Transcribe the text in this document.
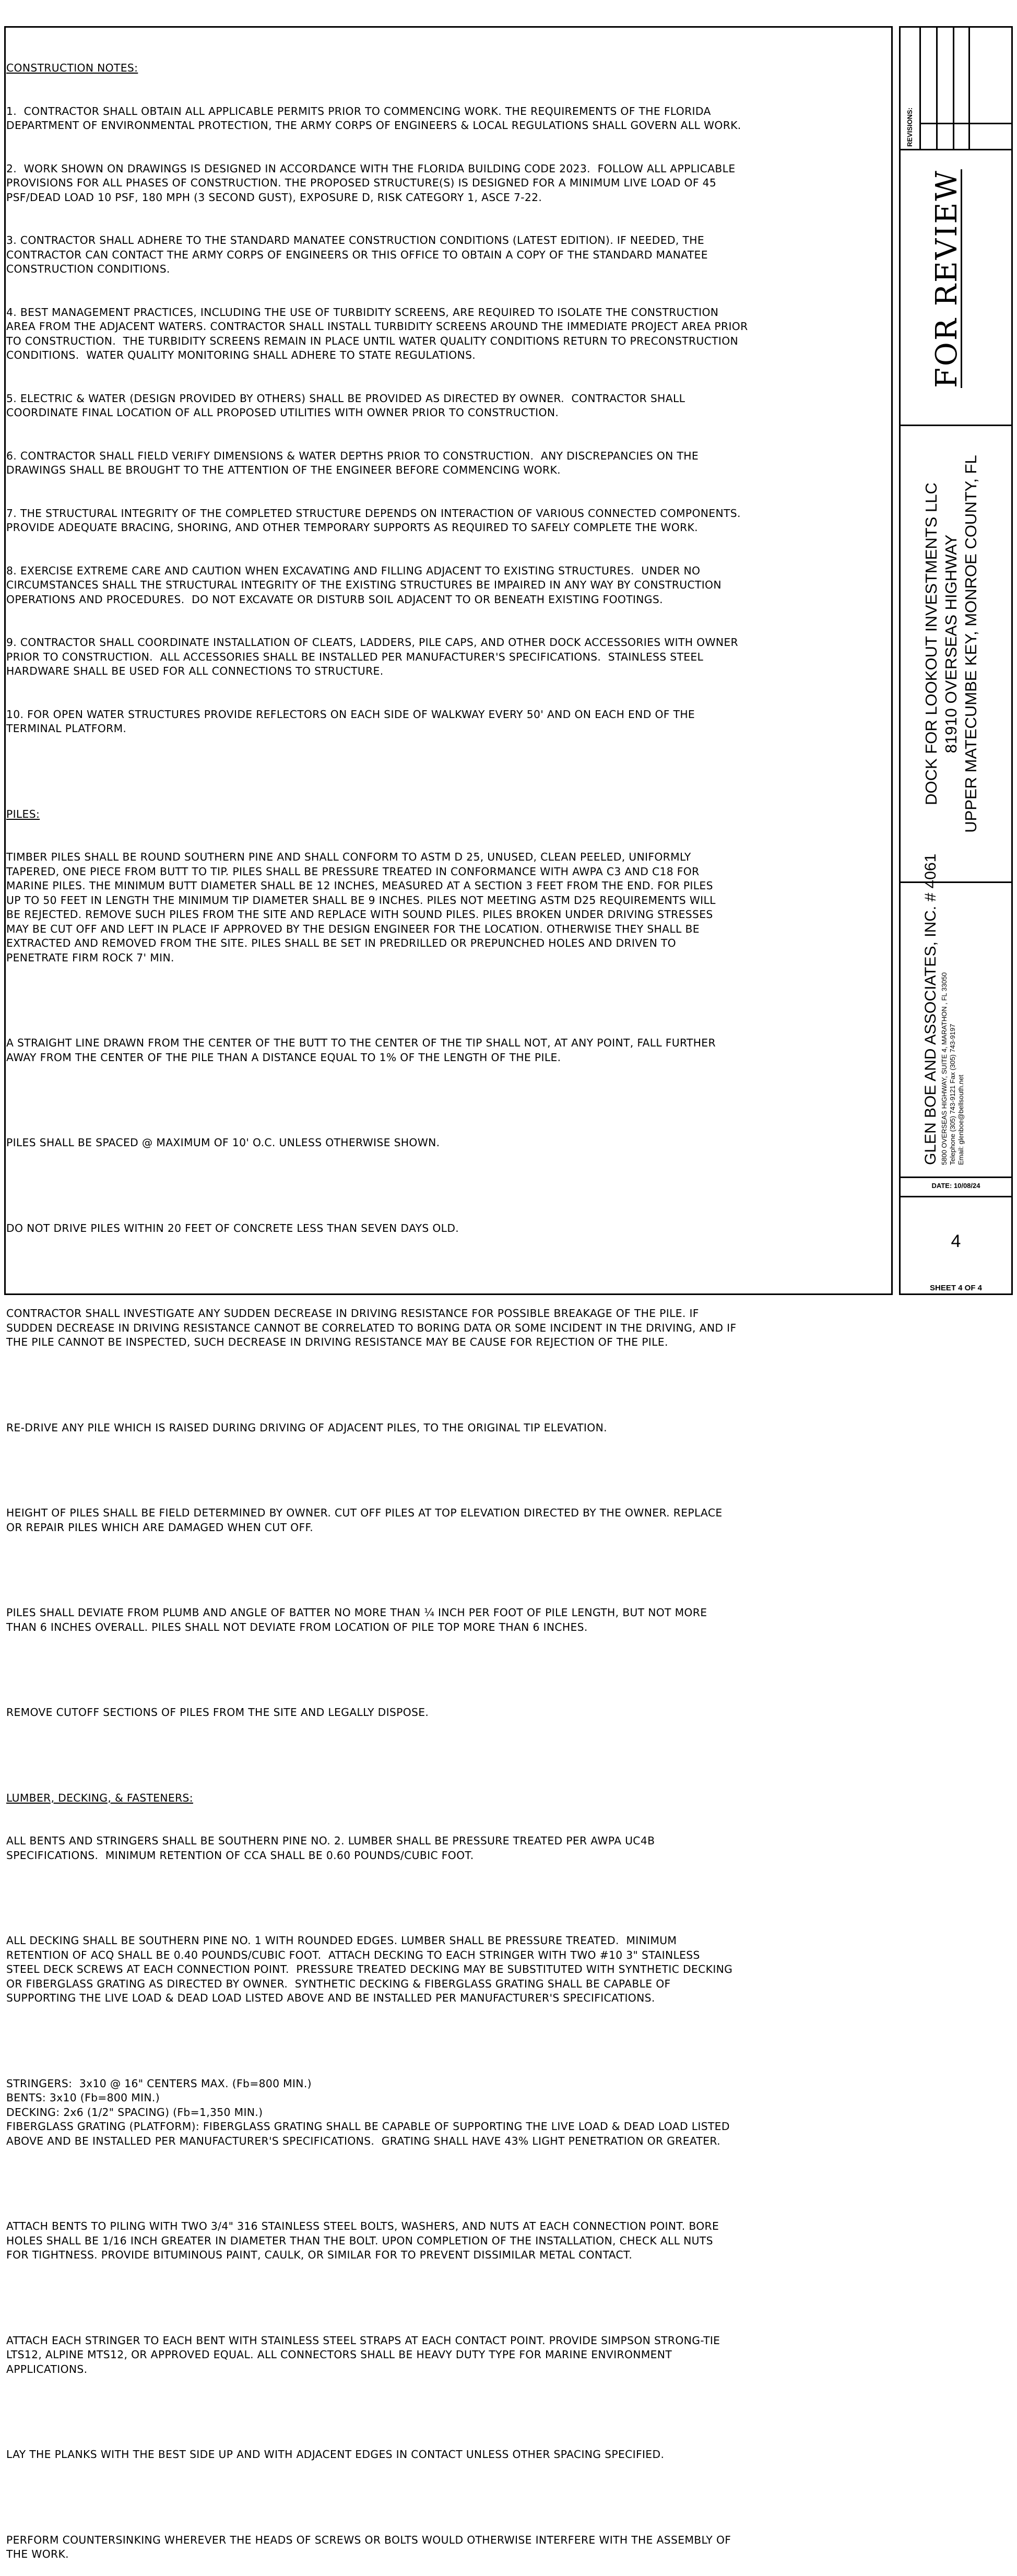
CONSTRUCTION NOTES:

1.  CONTRACTOR SHALL OBTAIN ALL APPLICABLE PERMITS PRIOR TO COMMENCING WORK. THE REQUIREMENTS OF THE FLORIDA
DEPARTMENT OF ENVIRONMENTAL PROTECTION, THE ARMY CORPS OF ENGINEERS & LOCAL REGULATIONS SHALL GOVERN ALL WORK.

2.  WORK SHOWN ON DRAWINGS IS DESIGNED IN ACCORDANCE WITH THE FLORIDA BUILDING CODE 2023.  FOLLOW ALL APPLICABLE
PROVISIONS FOR ALL PHASES OF CONSTRUCTION. THE PROPOSED STRUCTURE(S) IS DESIGNED FOR A MINIMUM LIVE LOAD OF 45
PSF/DEAD LOAD 10 PSF, 180 MPH (3 SECOND GUST), EXPOSURE D, RISK CATEGORY 1, ASCE 7-22.

3. CONTRACTOR SHALL ADHERE TO THE STANDARD MANATEE CONSTRUCTION CONDITIONS (LATEST EDITION). IF NEEDED, THE
CONTRACTOR CAN CONTACT THE ARMY CORPS OF ENGINEERS OR THIS OFFICE TO OBTAIN A COPY OF THE STANDARD MANATEE
CONSTRUCTION CONDITIONS.

4. BEST MANAGEMENT PRACTICES, INCLUDING THE USE OF TURBIDITY SCREENS, ARE REQUIRED TO ISOLATE THE CONSTRUCTION
AREA FROM THE ADJACENT WATERS. CONTRACTOR SHALL INSTALL TURBIDITY SCREENS AROUND THE IMMEDIATE PROJECT AREA PRIOR
TO CONSTRUCTION.  THE TURBIDITY SCREENS REMAIN IN PLACE UNTIL WATER QUALITY CONDITIONS RETURN TO PRECONSTRUCTION
CONDITIONS.  WATER QUALITY MONITORING SHALL ADHERE TO STATE REGULATIONS.

5. ELECTRIC & WATER (DESIGN PROVIDED BY OTHERS) SHALL BE PROVIDED AS DIRECTED BY OWNER.  CONTRACTOR SHALL
COORDINATE FINAL LOCATION OF ALL PROPOSED UTILITIES WITH OWNER PRIOR TO CONSTRUCTION.

6. CONTRACTOR SHALL FIELD VERIFY DIMENSIONS & WATER DEPTHS PRIOR TO CONSTRUCTION.  ANY DISCREPANCIES ON THE
DRAWINGS SHALL BE BROUGHT TO THE ATTENTION OF THE ENGINEER BEFORE COMMENCING WORK.

7. THE STRUCTURAL INTEGRITY OF THE COMPLETED STRUCTURE DEPENDS ON INTERACTION OF VARIOUS CONNECTED COMPONENTS.
PROVIDE ADEQUATE BRACING, SHORING, AND OTHER TEMPORARY SUPPORTS AS REQUIRED TO SAFELY COMPLETE THE WORK.

8. EXERCISE EXTREME CARE AND CAUTION WHEN EXCAVATING AND FILLING ADJACENT TO EXISTING STRUCTURES.  UNDER NO
CIRCUMSTANCES SHALL THE STRUCTURAL INTEGRITY OF THE EXISTING STRUCTURES BE IMPAIRED IN ANY WAY BY CONSTRUCTION
OPERATIONS AND PROCEDURES.  DO NOT EXCAVATE OR DISTURB SOIL ADJACENT TO OR BENEATH EXISTING FOOTINGS.

9. CONTRACTOR SHALL COORDINATE INSTALLATION OF CLEATS, LADDERS, PILE CAPS, AND OTHER DOCK ACCESSORIES WITH OWNER
PRIOR TO CONSTRUCTION.  ALL ACCESSORIES SHALL BE INSTALLED PER MANUFACTURER'S SPECIFICATIONS.  STAINLESS STEEL
HARDWARE SHALL BE USED FOR ALL CONNECTIONS TO STRUCTURE.

10. FOR OPEN WATER STRUCTURES PROVIDE REFLECTORS ON EACH SIDE OF WALKWAY EVERY 50' AND ON EACH END OF THE
TERMINAL PLATFORM.

PILES:

TIMBER PILES SHALL BE ROUND SOUTHERN PINE AND SHALL CONFORM TO ASTM D 25, UNUSED, CLEAN PEELED, UNIFORMLY
TAPERED, ONE PIECE FROM BUTT TO TIP. PILES SHALL BE PRESSURE TREATED IN CONFORMANCE WITH AWPA C3 AND C18 FOR
MARINE PILES. THE MINIMUM BUTT DIAMETER SHALL BE 12 INCHES, MEASURED AT A SECTION 3 FEET FROM THE END. FOR PILES
UP TO 50 FEET IN LENGTH THE MINIMUM TIP DIAMETER SHALL BE 9 INCHES. PILES NOT MEETING ASTM D25 REQUIREMENTS WILL
BE REJECTED. REMOVE SUCH PILES FROM THE SITE AND REPLACE WITH SOUND PILES. PILES BROKEN UNDER DRIVING STRESSES
MAY BE CUT OFF AND LEFT IN PLACE IF APPROVED BY THE DESIGN ENGINEER FOR THE LOCATION. OTHERWISE THEY SHALL BE
EXTRACTED AND REMOVED FROM THE SITE. PILES SHALL BE SET IN PREDRILLED OR PREPUNCHED HOLES AND DRIVEN TO
PENETRATE FIRM ROCK 7' MIN.

A STRAIGHT LINE DRAWN FROM THE CENTER OF THE BUTT TO THE CENTER OF THE TIP SHALL NOT, AT ANY POINT, FALL FURTHER
AWAY FROM THE CENTER OF THE PILE THAN A DISTANCE EQUAL TO 1% OF THE LENGTH OF THE PILE.

PILES SHALL BE SPACED @ MAXIMUM OF 10' O.C. UNLESS OTHERWISE SHOWN.

DO NOT DRIVE PILES WITHIN 20 FEET OF CONCRETE LESS THAN SEVEN DAYS OLD.

CONTRACTOR SHALL INVESTIGATE ANY SUDDEN DECREASE IN DRIVING RESISTANCE FOR POSSIBLE BREAKAGE OF THE PILE. IF
SUDDEN DECREASE IN DRIVING RESISTANCE CANNOT BE CORRELATED TO BORING DATA OR SOME INCIDENT IN THE DRIVING, AND IF
THE PILE CANNOT BE INSPECTED, SUCH DECREASE IN DRIVING RESISTANCE MAY BE CAUSE FOR REJECTION OF THE PILE.

RE-DRIVE ANY PILE WHICH IS RAISED DURING DRIVING OF ADJACENT PILES, TO THE ORIGINAL TIP ELEVATION.

HEIGHT OF PILES SHALL BE FIELD DETERMINED BY OWNER. CUT OFF PILES AT TOP ELEVATION DIRECTED BY THE OWNER. REPLACE
OR REPAIR PILES WHICH ARE DAMAGED WHEN CUT OFF.

PILES SHALL DEVIATE FROM PLUMB AND ANGLE OF BATTER NO MORE THAN ¼ INCH PER FOOT OF PILE LENGTH, BUT NOT MORE
THAN 6 INCHES OVERALL. PILES SHALL NOT DEVIATE FROM LOCATION OF PILE TOP MORE THAN 6 INCHES.

REMOVE CUTOFF SECTIONS OF PILES FROM THE SITE AND LEGALLY DISPOSE.

LUMBER, DECKING, & FASTENERS:

ALL BENTS AND STRINGERS SHALL BE SOUTHERN PINE NO. 2. LUMBER SHALL BE PRESSURE TREATED PER AWPA UC4B
SPECIFICATIONS.  MINIMUM RETENTION OF CCA SHALL BE 0.60 POUNDS/CUBIC FOOT.

ALL DECKING SHALL BE SOUTHERN PINE NO. 1 WITH ROUNDED EDGES. LUMBER SHALL BE PRESSURE TREATED.  MINIMUM
RETENTION OF ACQ SHALL BE 0.40 POUNDS/CUBIC FOOT.  ATTACH DECKING TO EACH STRINGER WITH TWO #10 3" STAINLESS
STEEL DECK SCREWS AT EACH CONNECTION POINT.  PRESSURE TREATED DECKING MAY BE SUBSTITUTED WITH SYNTHETIC DECKING
OR FIBERGLASS GRATING AS DIRECTED BY OWNER.  SYNTHETIC DECKING & FIBERGLASS GRATING SHALL BE CAPABLE OF
SUPPORTING THE LIVE LOAD & DEAD LOAD LISTED ABOVE AND BE INSTALLED PER MANUFACTURER'S SPECIFICATIONS.

STRINGERS:  3x10 @ 16" CENTERS MAX. (Fb=800 MIN.)
BENTS: 3x10 (Fb=800 MIN.)
DECKING: 2x6 (1/2" SPACING) (Fb=1,350 MIN.)
FIBERGLASS GRATING (PLATFORM): FIBERGLASS GRATING SHALL BE CAPABLE OF SUPPORTING THE LIVE LOAD & DEAD LOAD LISTED
ABOVE AND BE INSTALLED PER MANUFACTURER'S SPECIFICATIONS.  GRATING SHALL HAVE 43% LIGHT PENETRATION OR GREATER.

ATTACH BENTS TO PILING WITH TWO 3/4" 316 STAINLESS STEEL BOLTS, WASHERS, AND NUTS AT EACH CONNECTION POINT. BORE
HOLES SHALL BE 1/16 INCH GREATER IN DIAMETER THAN THE BOLT. UPON COMPLETION OF THE INSTALLATION, CHECK ALL NUTS
FOR TIGHTNESS. PROVIDE BITUMINOUS PAINT, CAULK, OR SIMILAR FOR TO PREVENT DISSIMILAR METAL CONTACT.

ATTACH EACH STRINGER TO EACH BENT WITH STAINLESS STEEL STRAPS AT EACH CONTACT POINT. PROVIDE SIMPSON STRONG-TIE
LTS12, ALPINE MTS12, OR APPROVED EQUAL. ALL CONNECTORS SHALL BE HEAVY DUTY TYPE FOR MARINE ENVIRONMENT
APPLICATIONS.

LAY THE PLANKS WITH THE BEST SIDE UP AND WITH ADJACENT EDGES IN CONTACT UNLESS OTHER SPACING SPECIFIED.

PERFORM COUNTERSINKING WHEREVER THE HEADS OF SCREWS OR BOLTS WOULD OTHERWISE INTERFERE WITH THE ASSEMBLY OF
THE WORK.

REVISIONS:
FOR REVIEW
DOCK FOR LOOKOUT INVESTMENTS LLC 81910 OVERSEAS HIGHWAY UPPER MATECUMBE KEY, MONROE COUNTY, FL
GLEN BOE AND ASSOCIATES, INC. # 4061 5800 OVERSEAS HIGHWAY, SUITE 4, MARATHON , FL 33050 Telephone (305) 743-9121 Fax (305) 743-9197 Email: glenboe@bellsouth.net
DATE: 10/08/24
4
SHEET 4 OF 4
